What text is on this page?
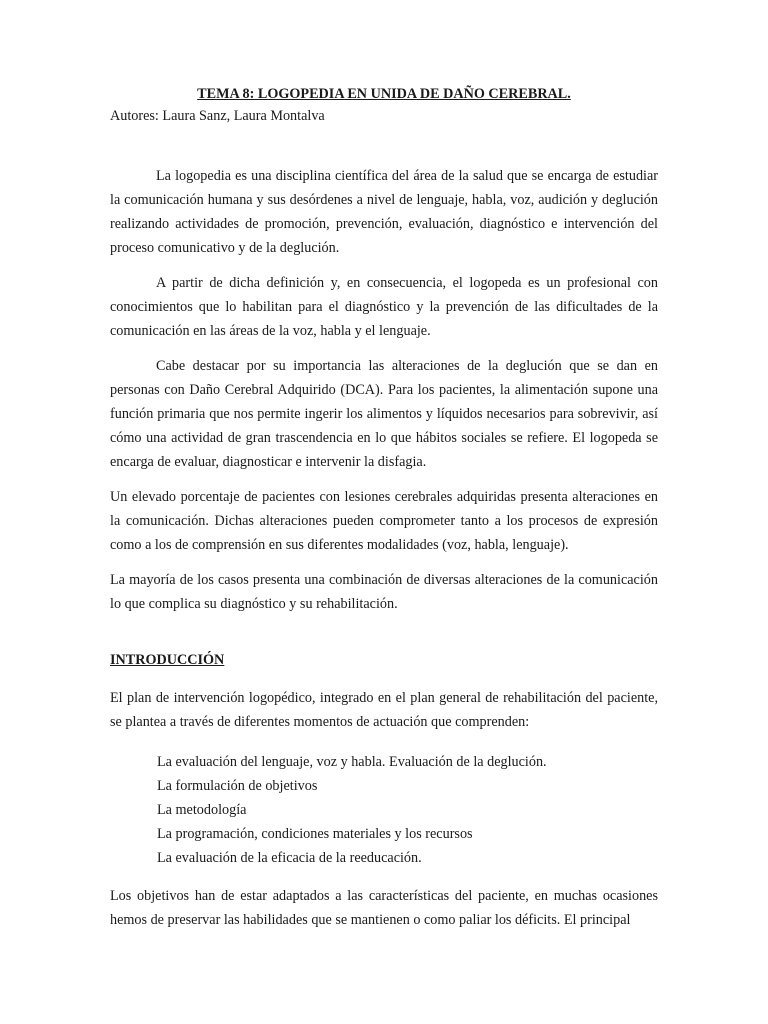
TEMA 8: LOGOPEDIA EN UNIDA DE DAÑO CEREBRAL.
Autores: Laura Sanz, Laura Montalva

La logopedia es una disciplina científica del área de la salud que se encarga de estudiar la comunicación humana y sus desórdenes a nivel de lenguaje, habla, voz, audición y deglución realizando actividades de promoción, prevención, evaluación, diagnóstico e intervención del proceso comunicativo y de la deglución.

A partir de dicha definición y, en consecuencia, el logopeda es un profesional con conocimientos que lo habilitan para el diagnóstico y la prevención de las dificultades de la comunicación en las áreas de la voz, habla y el lenguaje.

Cabe destacar por su importancia las alteraciones de la deglución que se dan en personas con Daño Cerebral Adquirido (DCA). Para los pacientes, la alimentación supone una función primaria que nos permite ingerir los alimentos y líquidos necesarios para sobrevivir, así cómo una actividad de gran trascendencia en lo que hábitos sociales se refiere. El logopeda se encarga de evaluar, diagnosticar e intervenir la disfagia.

Un elevado porcentaje de pacientes con lesiones cerebrales adquiridas presenta alteraciones en la comunicación. Dichas alteraciones pueden comprometer tanto a los procesos de expresión como a los de comprensión en sus diferentes modalidades (voz, habla, lenguaje).

La mayoría de los casos presenta una combinación de diversas alteraciones de la comunicación lo que complica su diagnóstico y su rehabilitación.

INTRODUCCIÓN

El plan de intervención logopédico, integrado en el plan general de rehabilitación del paciente, se plantea a través de diferentes momentos de actuación que comprenden:

La evaluación del lenguaje, voz y habla. Evaluación de la deglución.
La formulación de objetivos
La metodología
La programación, condiciones materiales y los recursos
La evaluación de la eficacia de la reeducación.

Los objetivos han de estar adaptados a las características del paciente, en muchas ocasiones hemos de preservar las habilidades que se mantienen o como paliar los déficits. El principal
